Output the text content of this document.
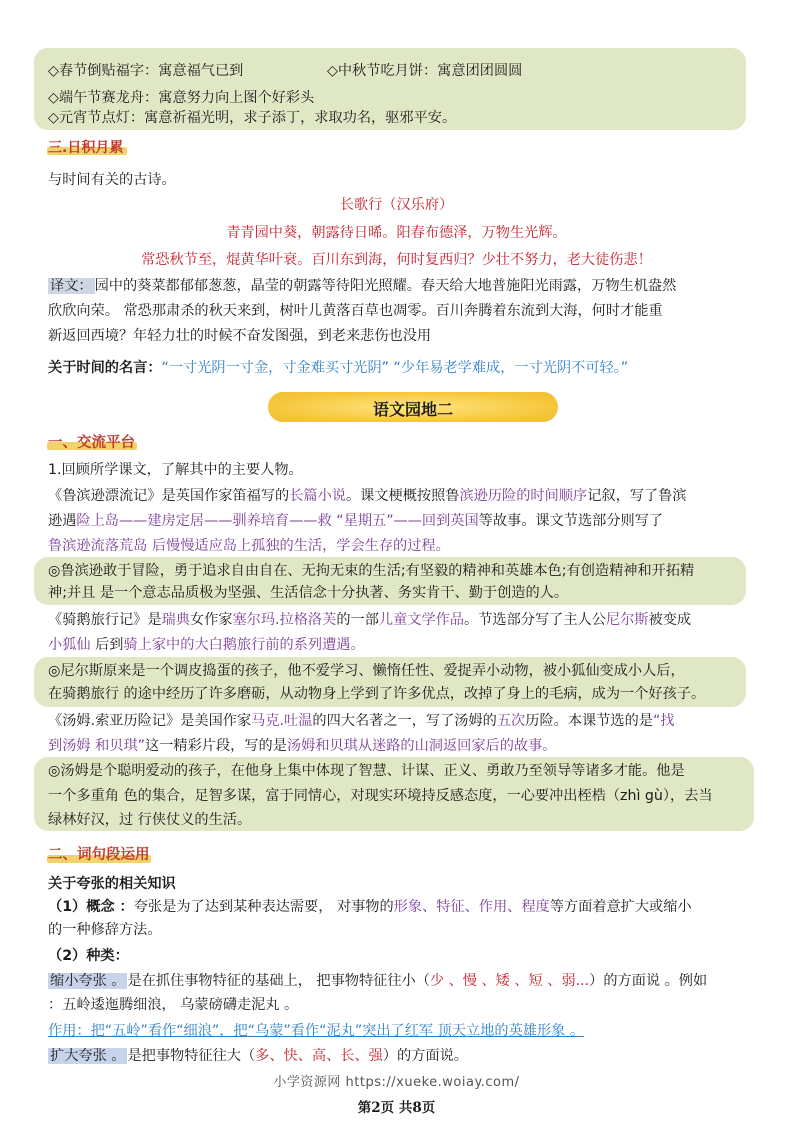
◇春节倒贴福字：寓意福气已到	◇中秋节吃月饼：寓意团团圆圆
◇端午节赛龙舟：寓意努力向上图个好彩头
◇元宵节点灯：寓意祈福光明，求子添丁，求取功名，驱邪平安。
三.日积月累
与时间有关的古诗。
长歌行（汉乐府）
青青园中葵，朝露待日晞。阳春布德泽，万物生光辉。
常恐秋节至，焜黄华叶衰。百川东到海，何时复西归？少壮不努力，老大徒伤悲！
译文： 园中的葵菜都郁郁葱葱，晶莹的朝露等待阳光照耀。春天给大地普施阳光雨露，万物生机盎然
欣欣向荣。 常恐那肃杀的秋天来到，树叶儿黄落百草也凋零。百川奔腾着东流到大海，何时才能重
新返回西境？年轻力壮的时候不奋发图强，到老来悲伤也没用
关于时间的名言：“一寸光阴一寸金，寸金难买寸光阴” “少年易老学难成，一寸光阴不可轻。”
语文园地二
一、交流平台
1.回顾所学课文，了解其中的主要人物。
《鲁滨逊漂流记》是英国作家笛福写的长篇小说。课文梗概按照鲁滨逊历险的时间顺序记叙，写了鲁滨
逊遇险上岛——建房定居——驯养培育——救 “星期五”——回到英国等故事。课文节选部分则写了
鲁滨逊流落荒岛 后慢慢适应岛上孤独的生活，学会生存的过程。
◎鲁滨逊敢于冒险，勇于追求自由自在、无拘无束的生活;有坚毅的精神和英雄本色;有创造精神和开拓精
神;并且 是一个意志品质极为坚强、生活信念十分执著、务实肯干、勤于创造的人。
《骑鹅旅行记》是瑞典女作家塞尔玛.拉格洛芙的一部儿童文学作品。节选部分写了主人公尼尔斯被变成
小狐仙 后到骑上家中的大白鹅旅行前的系列遭遇。
◎尼尔斯原来是一个调皮捣蛋的孩子，他不爱学习、懒惰任性、爱捉弄小动物，被小狐仙变成小人后，
在骑鹅旅行 的途中经历了许多磨砺，从动物身上学到了许多优点，改掉了身上的毛病，成为一个好孩子。
《汤姆.索亚历险记》是美国作家马克.吐温的四大名著之一，写了汤姆的五次历险。本课节选的是“找
到汤姆 和贝琪”这一精彩片段，写的是汤姆和贝琪从迷路的山洞返回家后的故事。
◎汤姆是个聪明爱动的孩子，在他身上集中体现了智慧、计谋、正义、勇敢乃至领导等诸多才能。他是
一个多重角 色的集合，足智多谋，富于同情心，对现实环境持反感态度，一心要冲出桎梏（zhì gù），去当
绿林好汉，过 行侠仗义的生活。
二、词句段运用
关于夸张的相关知识
（1）概念 ：夸张是为了达到某种表达需要， 对事物的形象、特征、作用、程度等方面着意扩大或缩小
的一种修辞方法。
（2）种类：
缩小夸张 。 是在抓住事物特征的基础上， 把事物特征往小（少 、慢 、矮 、短 、弱...）的方面说 。例如
：五岭逶迤腾细浪， 乌蒙磅礴走泥丸 。
作用：把“五岭”看作“细浪”，把“乌蒙”看作“泥丸”突出了红军 顶天立地的英雄形象 。
扩大夸张 。 是把事物特征往大（多、快、高、长、强）的方面说。
小学资源网 https://xueke.woiay.com/
第2页 共8页
